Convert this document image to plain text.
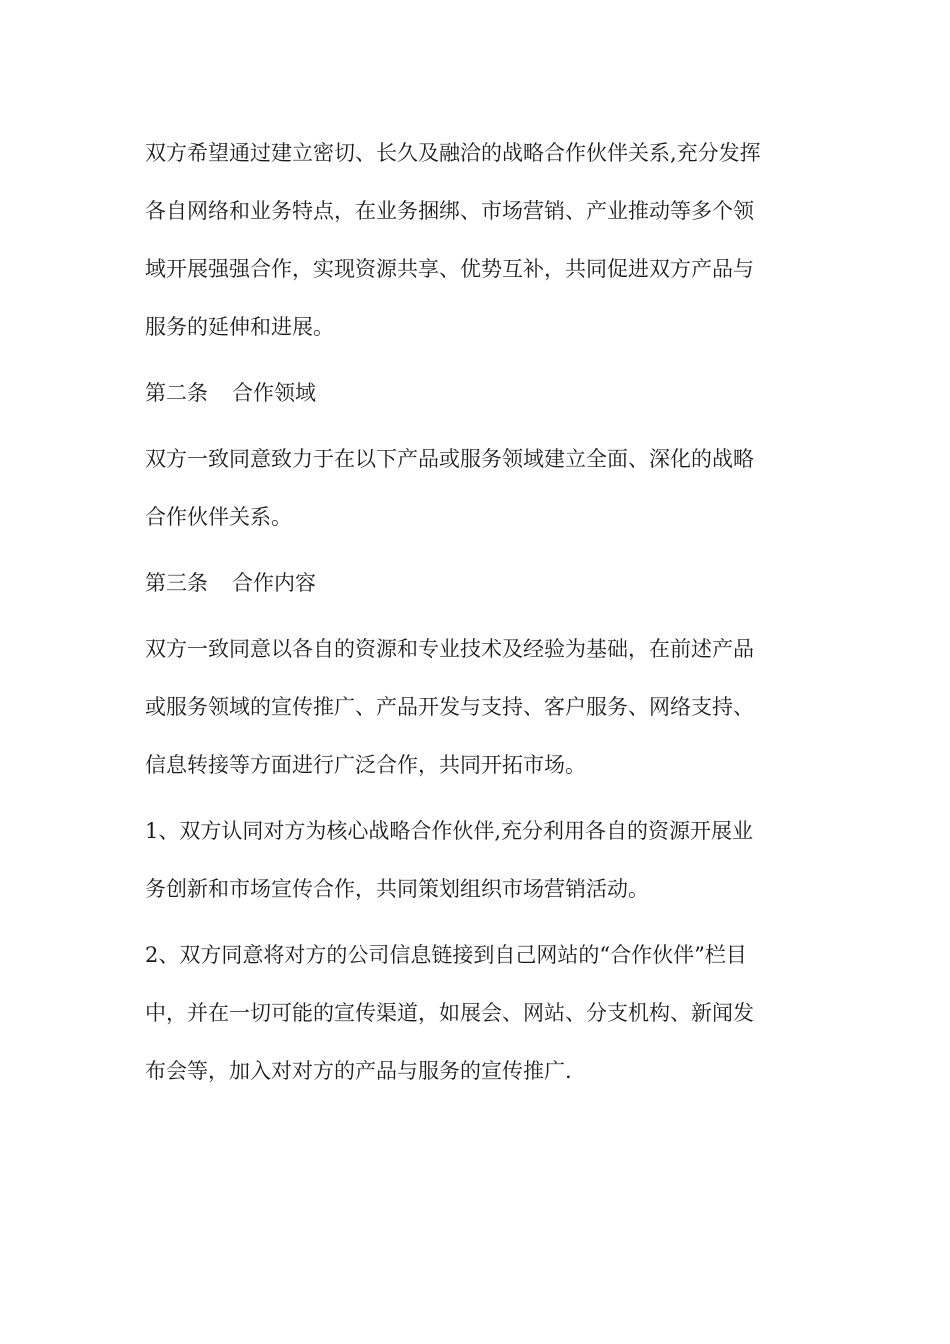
双方希望通过建立密切、长久及融洽的战略合作伙伴关系,充分发挥
各自网络和业务特点，在业务捆绑、市场营销、产业推动等多个领
域开展强强合作，实现资源共享、优势互补，共同促进双方产品与
服务的延伸和进展。

第二条 合作领域

双方一致同意致力于在以下产品或服务领域建立全面、深化的战略
合作伙伴关系。

第三条 合作内容

双方一致同意以各自的资源和专业技术及经验为基础，在前述产品
或服务领域的宣传推广、产品开发与支持、客户服务、网络支持、
信息转接等方面进行广泛合作，共同开拓市场。

1、双方认同对方为核心战略合作伙伴,充分利用各自的资源开展业
务创新和市场宣传合作，共同策划组织市场营销活动。

2、双方同意将对方的公司信息链接到自己网站的“合作伙伴”栏目
中，并在一切可能的宣传渠道，如展会、网站、分支机构、新闻发
布会等，加入对对方的产品与服务的宣传推广.
